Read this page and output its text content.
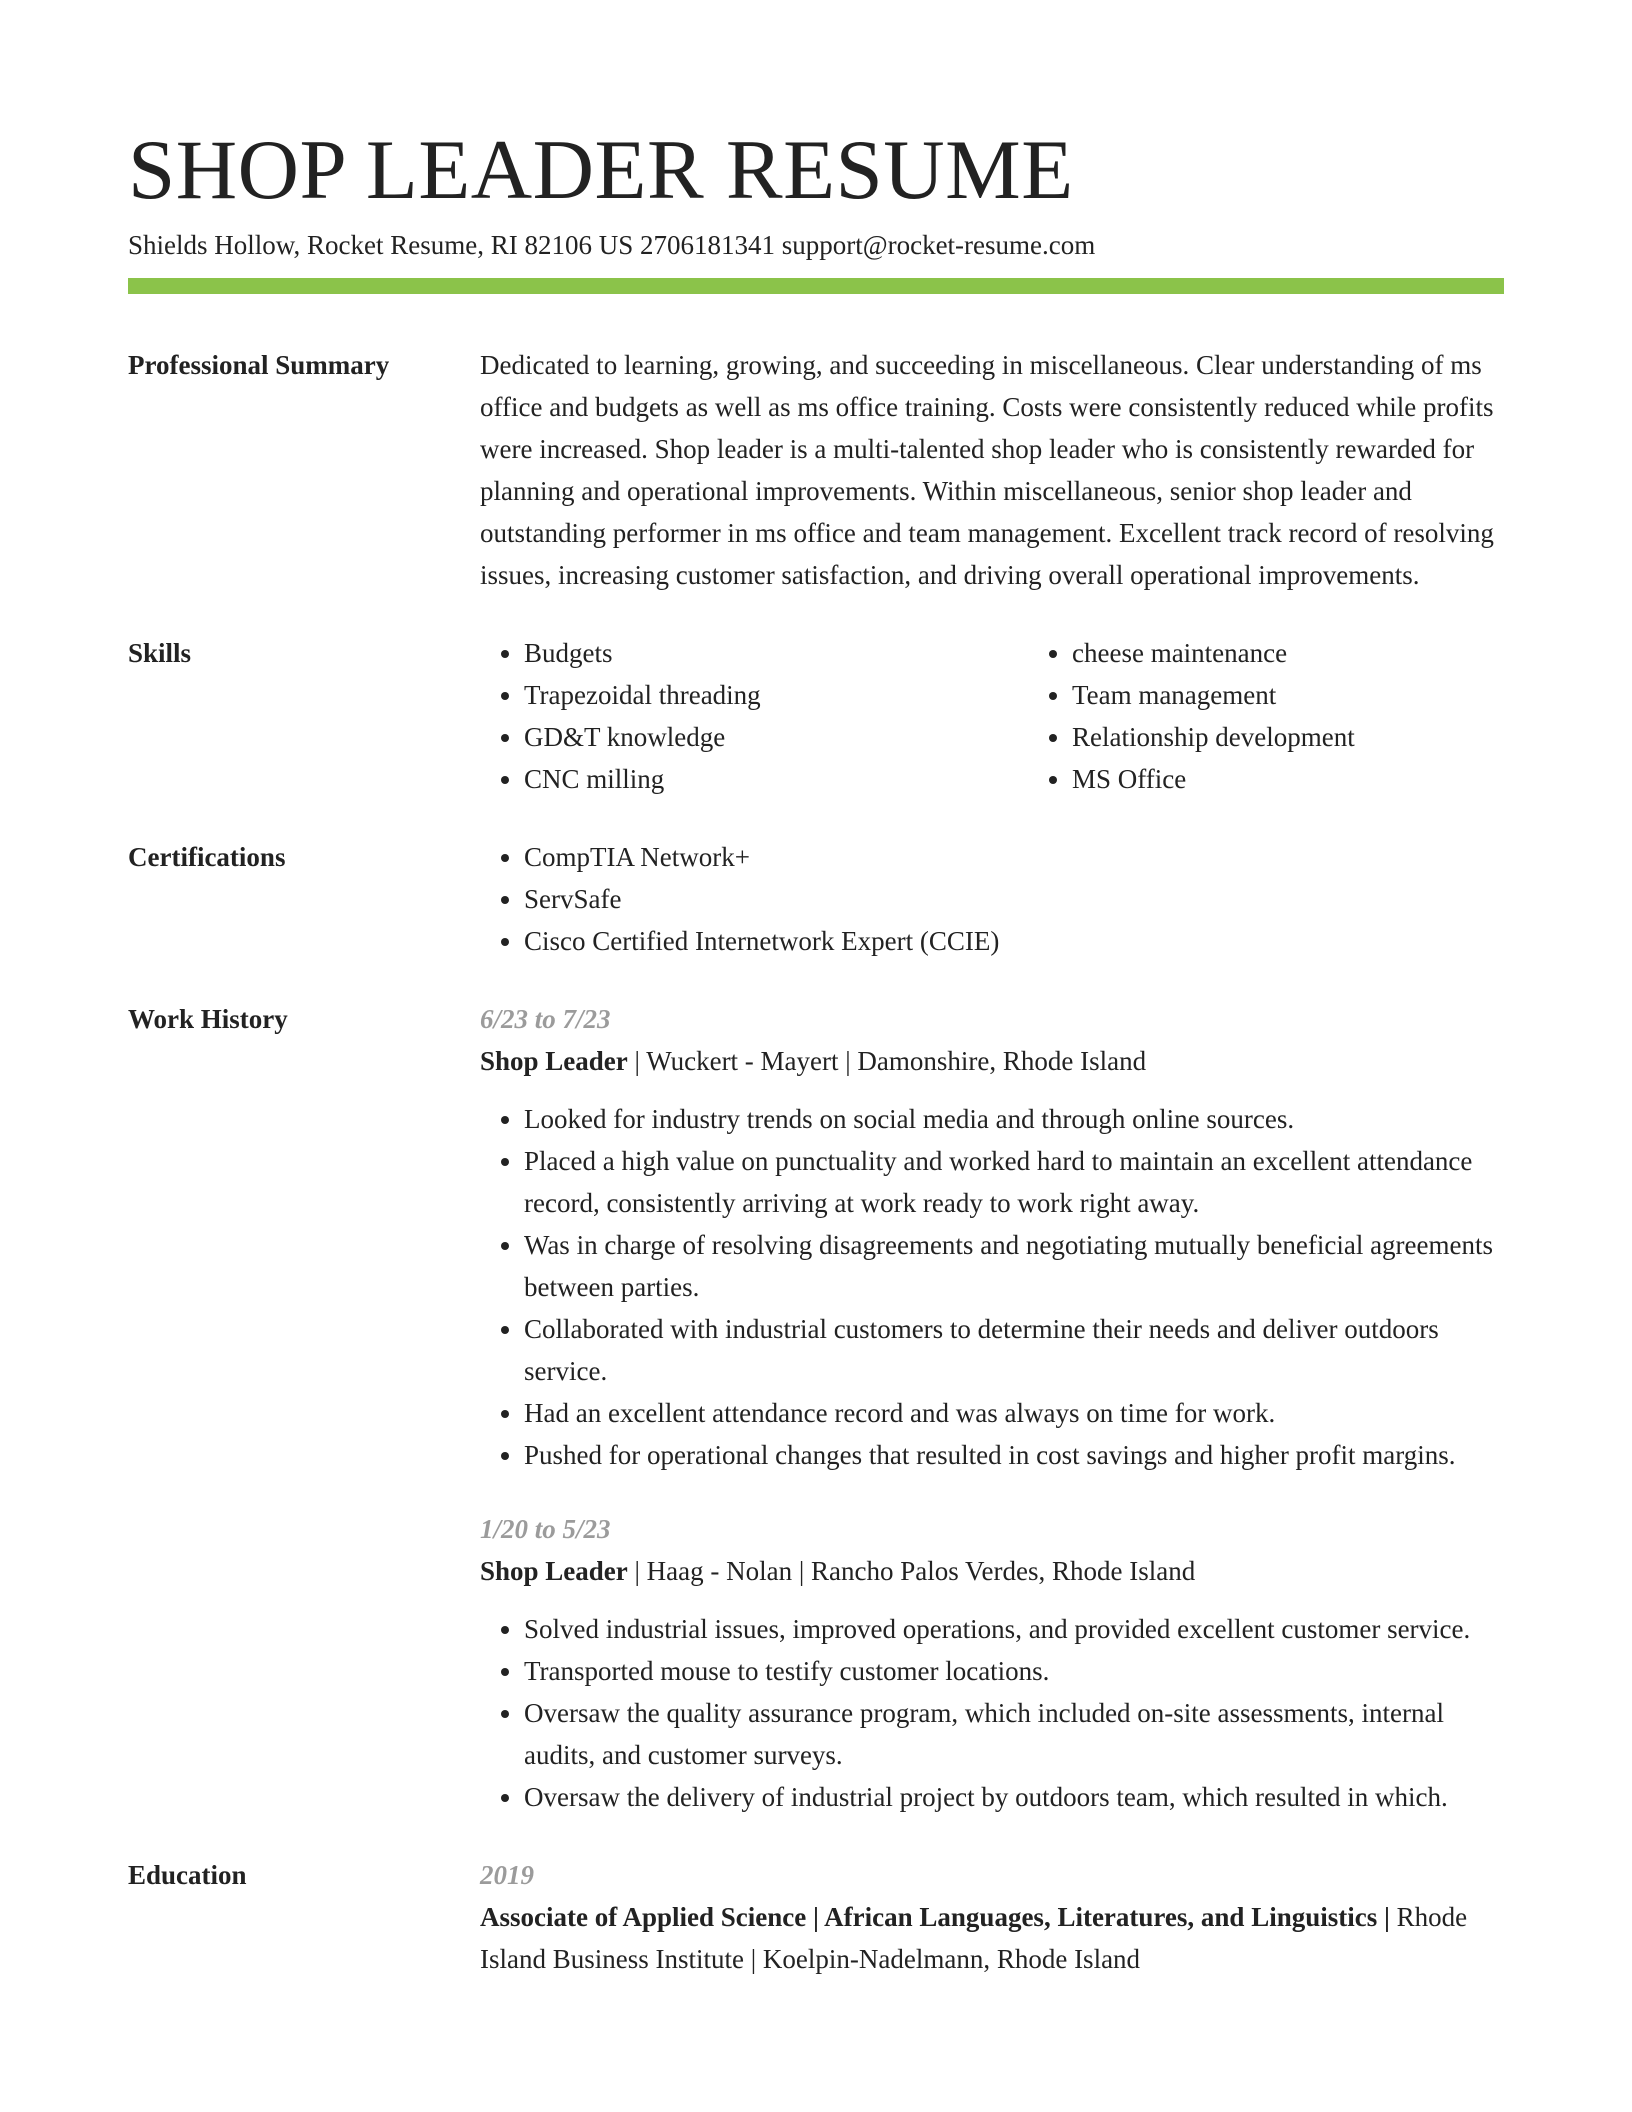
SHOP LEADER RESUME
Shields Hollow, Rocket Resume, RI 82106 US 2706181341 support@rocket-resume.com
Professional Summary	Dedicated to learning, growing, and succeeding in miscellaneous. Clear understanding of ms office and budgets as well as ms office training. Costs were consistently reduced while profits were increased. Shop leader is a multi-talented shop leader who is consistently rewarded for planning and operational improvements. Within miscellaneous, senior shop leader and outstanding performer in ms office and team management. Excellent track record of resolving issues, increasing customer satisfaction, and driving overall operational improvements.

Skills	• Budgets
• Trapezoidal threading
• GD&T knowledge
• CNC milling
• cheese maintenance
• Team management
• Relationship development
• MS Office
Certifications	• CompTIA Network+
• ServSafe
• Cisco Certified Internetwork Expert (CCIE)
Work History	6/23 to 7/23
Shop Leader | Wuckert - Mayert | Damonshire, Rhode Island
• Looked for industry trends on social media and through online sources.
• Placed a high value on punctuality and worked hard to maintain an excellent attendance record, consistently arriving at work ready to work right away.
• Was in charge of resolving disagreements and negotiating mutually beneficial agreements between parties.
• Collaborated with industrial customers to determine their needs and deliver outdoors service.
• Had an excellent attendance record and was always on time for work.
• Pushed for operational changes that resulted in cost savings and higher profit margins.
1/20 to 5/23
Shop Leader | Haag - Nolan | Rancho Palos Verdes, Rhode Island
• Solved industrial issues, improved operations, and provided excellent customer service.
• Transported mouse to testify customer locations.
• Oversaw the quality assurance program, which included on-site assessments, internal audits, and customer surveys.
• Oversaw the delivery of industrial project by outdoors team, which resulted in which.
Education	2019
Associate of Applied Science | African Languages, Literatures, and Linguistics | Rhode Island Business Institute | Koelpin-Nadelmann, Rhode Island
